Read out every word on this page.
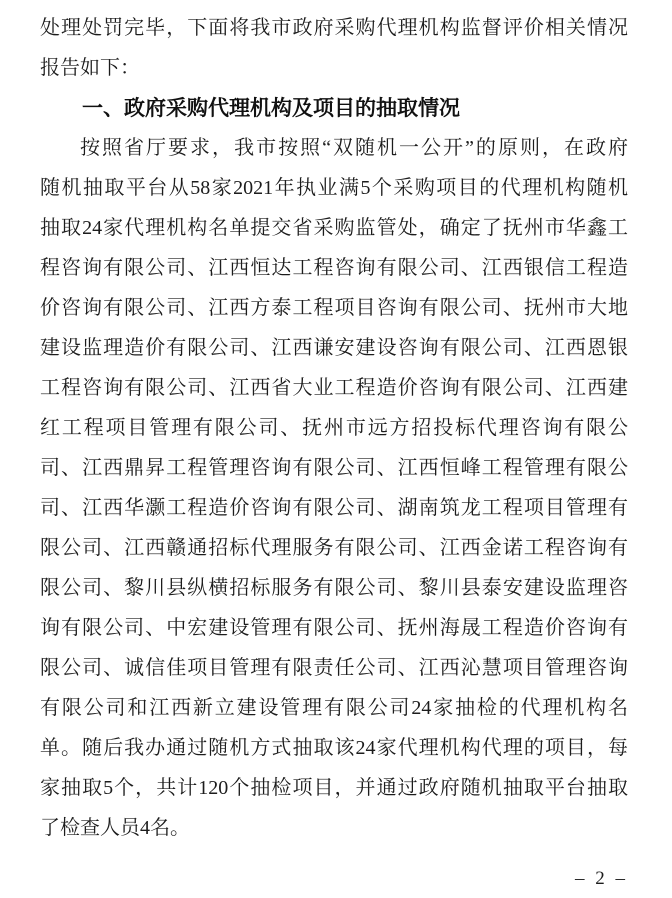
处理处罚完毕，下面将我市政府采购代理机构监督评价相关情况
报告如下：
一、政府采购代理机构及项目的抽取情况
按照省厅要求，我市按照“双随机一公开”的原则，在政府
随机抽取平台从58家2021年执业满5个采购项目的代理机构随机
抽取24家代理机构名单提交省采购监管处，确定了抚州市华鑫工
程咨询有限公司、江西恒达工程咨询有限公司、江西银信工程造
价咨询有限公司、江西方泰工程项目咨询有限公司、抚州市大地
建设监理造价有限公司、江西谦安建设咨询有限公司、江西恩银
工程咨询有限公司、江西省大业工程造价咨询有限公司、江西建
红工程项目管理有限公司、抚州市远方招投标代理咨询有限公
司、江西鼎昇工程管理咨询有限公司、江西恒峰工程管理有限公
司、江西华灏工程造价咨询有限公司、湖南筑龙工程项目管理有
限公司、江西赣通招标代理服务有限公司、江西金诺工程咨询有
限公司、黎川县纵横招标服务有限公司、黎川县泰安建设监理咨
询有限公司、中宏建设管理有限公司、抚州海晟工程造价咨询有
限公司、诚信佳项目管理有限责任公司、江西沁慧项目管理咨询
有限公司和江西新立建设管理有限公司24家抽检的代理机构名
单。随后我办通过随机方式抽取该24家代理机构代理的项目，每
家抽取5个，共计120个抽检项目，并通过政府随机抽取平台抽取
了检查人员4名。
– 2 –
